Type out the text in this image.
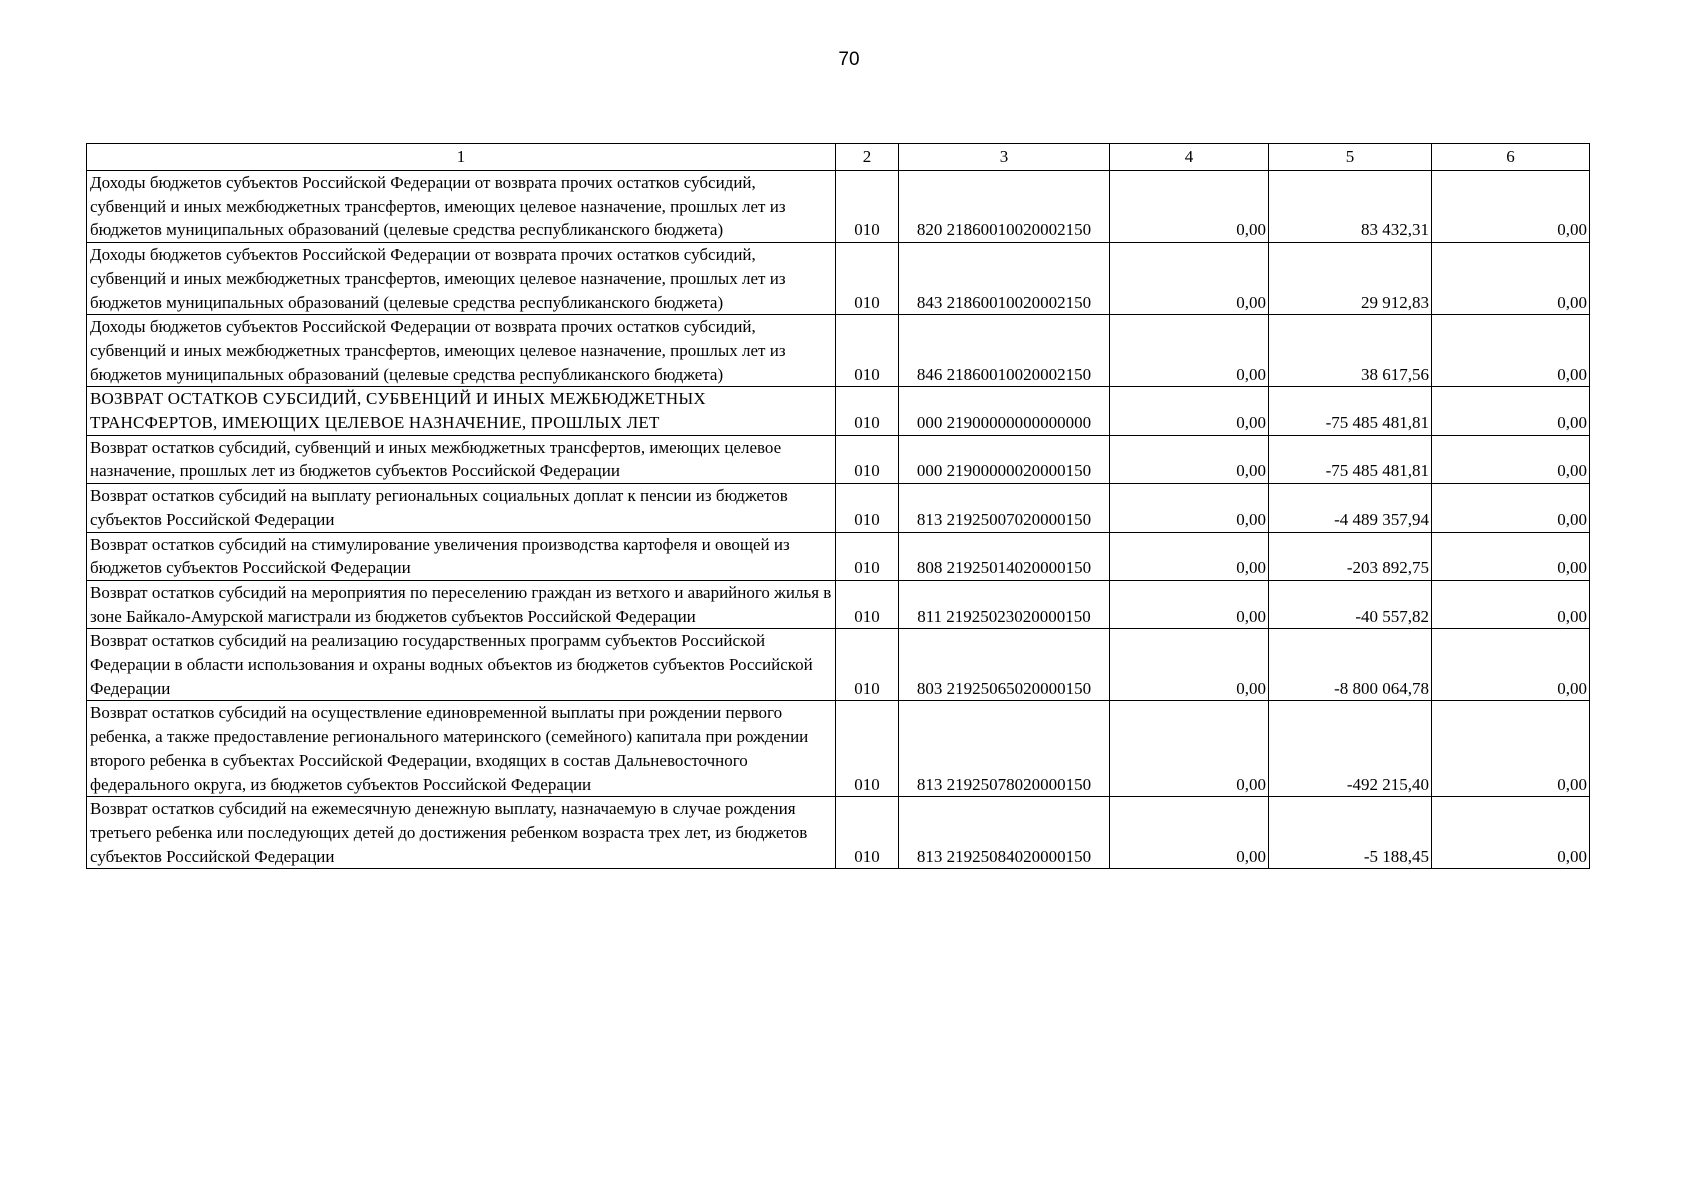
70
1	2	3	4	5	6
Доходы бюджетов субъектов Российской Федерации от возврата прочих остатков субсидий, субвенций и иных межбюджетных трансфертов, имеющих целевое назначение, прошлых лет из бюджетов муниципальных образований (целевые средства республиканского бюджета)	010	820 21860010020002150	0,00	83 432,31	0,00
Доходы бюджетов субъектов Российской Федерации от возврата прочих остатков субсидий, субвенций и иных межбюджетных трансфертов, имеющих целевое назначение, прошлых лет из бюджетов муниципальных образований (целевые средства республиканского бюджета)	010	843 21860010020002150	0,00	29 912,83	0,00
Доходы бюджетов субъектов Российской Федерации от возврата прочих остатков субсидий, субвенций и иных межбюджетных трансфертов, имеющих целевое назначение, прошлых лет из бюджетов муниципальных образований (целевые средства республиканского бюджета)	010	846 21860010020002150	0,00	38 617,56	0,00
ВОЗВРАТ ОСТАТКОВ СУБСИДИЙ, СУБВЕНЦИЙ И ИНЫХ МЕЖБЮДЖЕТНЫХ ТРАНСФЕРТОВ, ИМЕЮЩИХ ЦЕЛЕВОЕ НАЗНАЧЕНИЕ, ПРОШЛЫХ ЛЕТ	010	000 21900000000000000	0,00	-75 485 481,81	0,00
Возврат остатков субсидий, субвенций и иных межбюджетных трансфертов, имеющих целевое назначение, прошлых лет из бюджетов субъектов Российской Федерации	010	000 21900000020000150	0,00	-75 485 481,81	0,00
Возврат остатков субсидий на выплату региональных социальных доплат к пенсии из бюджетов субъектов Российской Федерации	010	813 21925007020000150	0,00	-4 489 357,94	0,00
Возврат остатков субсидий на стимулирование увеличения производства картофеля и овощей из бюджетов субъектов Российской Федерации	010	808 21925014020000150	0,00	-203 892,75	0,00
Возврат остатков субсидий на мероприятия по переселению граждан из ветхого и аварийного жилья в зоне Байкало-Амурской магистрали из бюджетов субъектов Российской Федерации	010	811 21925023020000150	0,00	-40 557,82	0,00
Возврат остатков субсидий на реализацию государственных программ субъектов Российской Федерации в области использования и охраны водных объектов из бюджетов субъектов Российской Федерации	010	803 21925065020000150	0,00	-8 800 064,78	0,00
Возврат остатков субсидий на осуществление единовременной выплаты при рождении первого ребенка, а также предоставление регионального материнского (семейного) капитала при рождении второго ребенка в субъектах Российской Федерации, входящих в состав Дальневосточного федерального округа, из бюджетов субъектов Российской Федерации	010	813 21925078020000150	0,00	-492 215,40	0,00
Возврат остатков субсидий на ежемесячную денежную выплату, назначаемую в случае рождения третьего ребенка или последующих детей до достижения ребенком возраста трех лет, из бюджетов субъектов Российской Федерации	010	813 21925084020000150	0,00	-5 188,45	0,00
